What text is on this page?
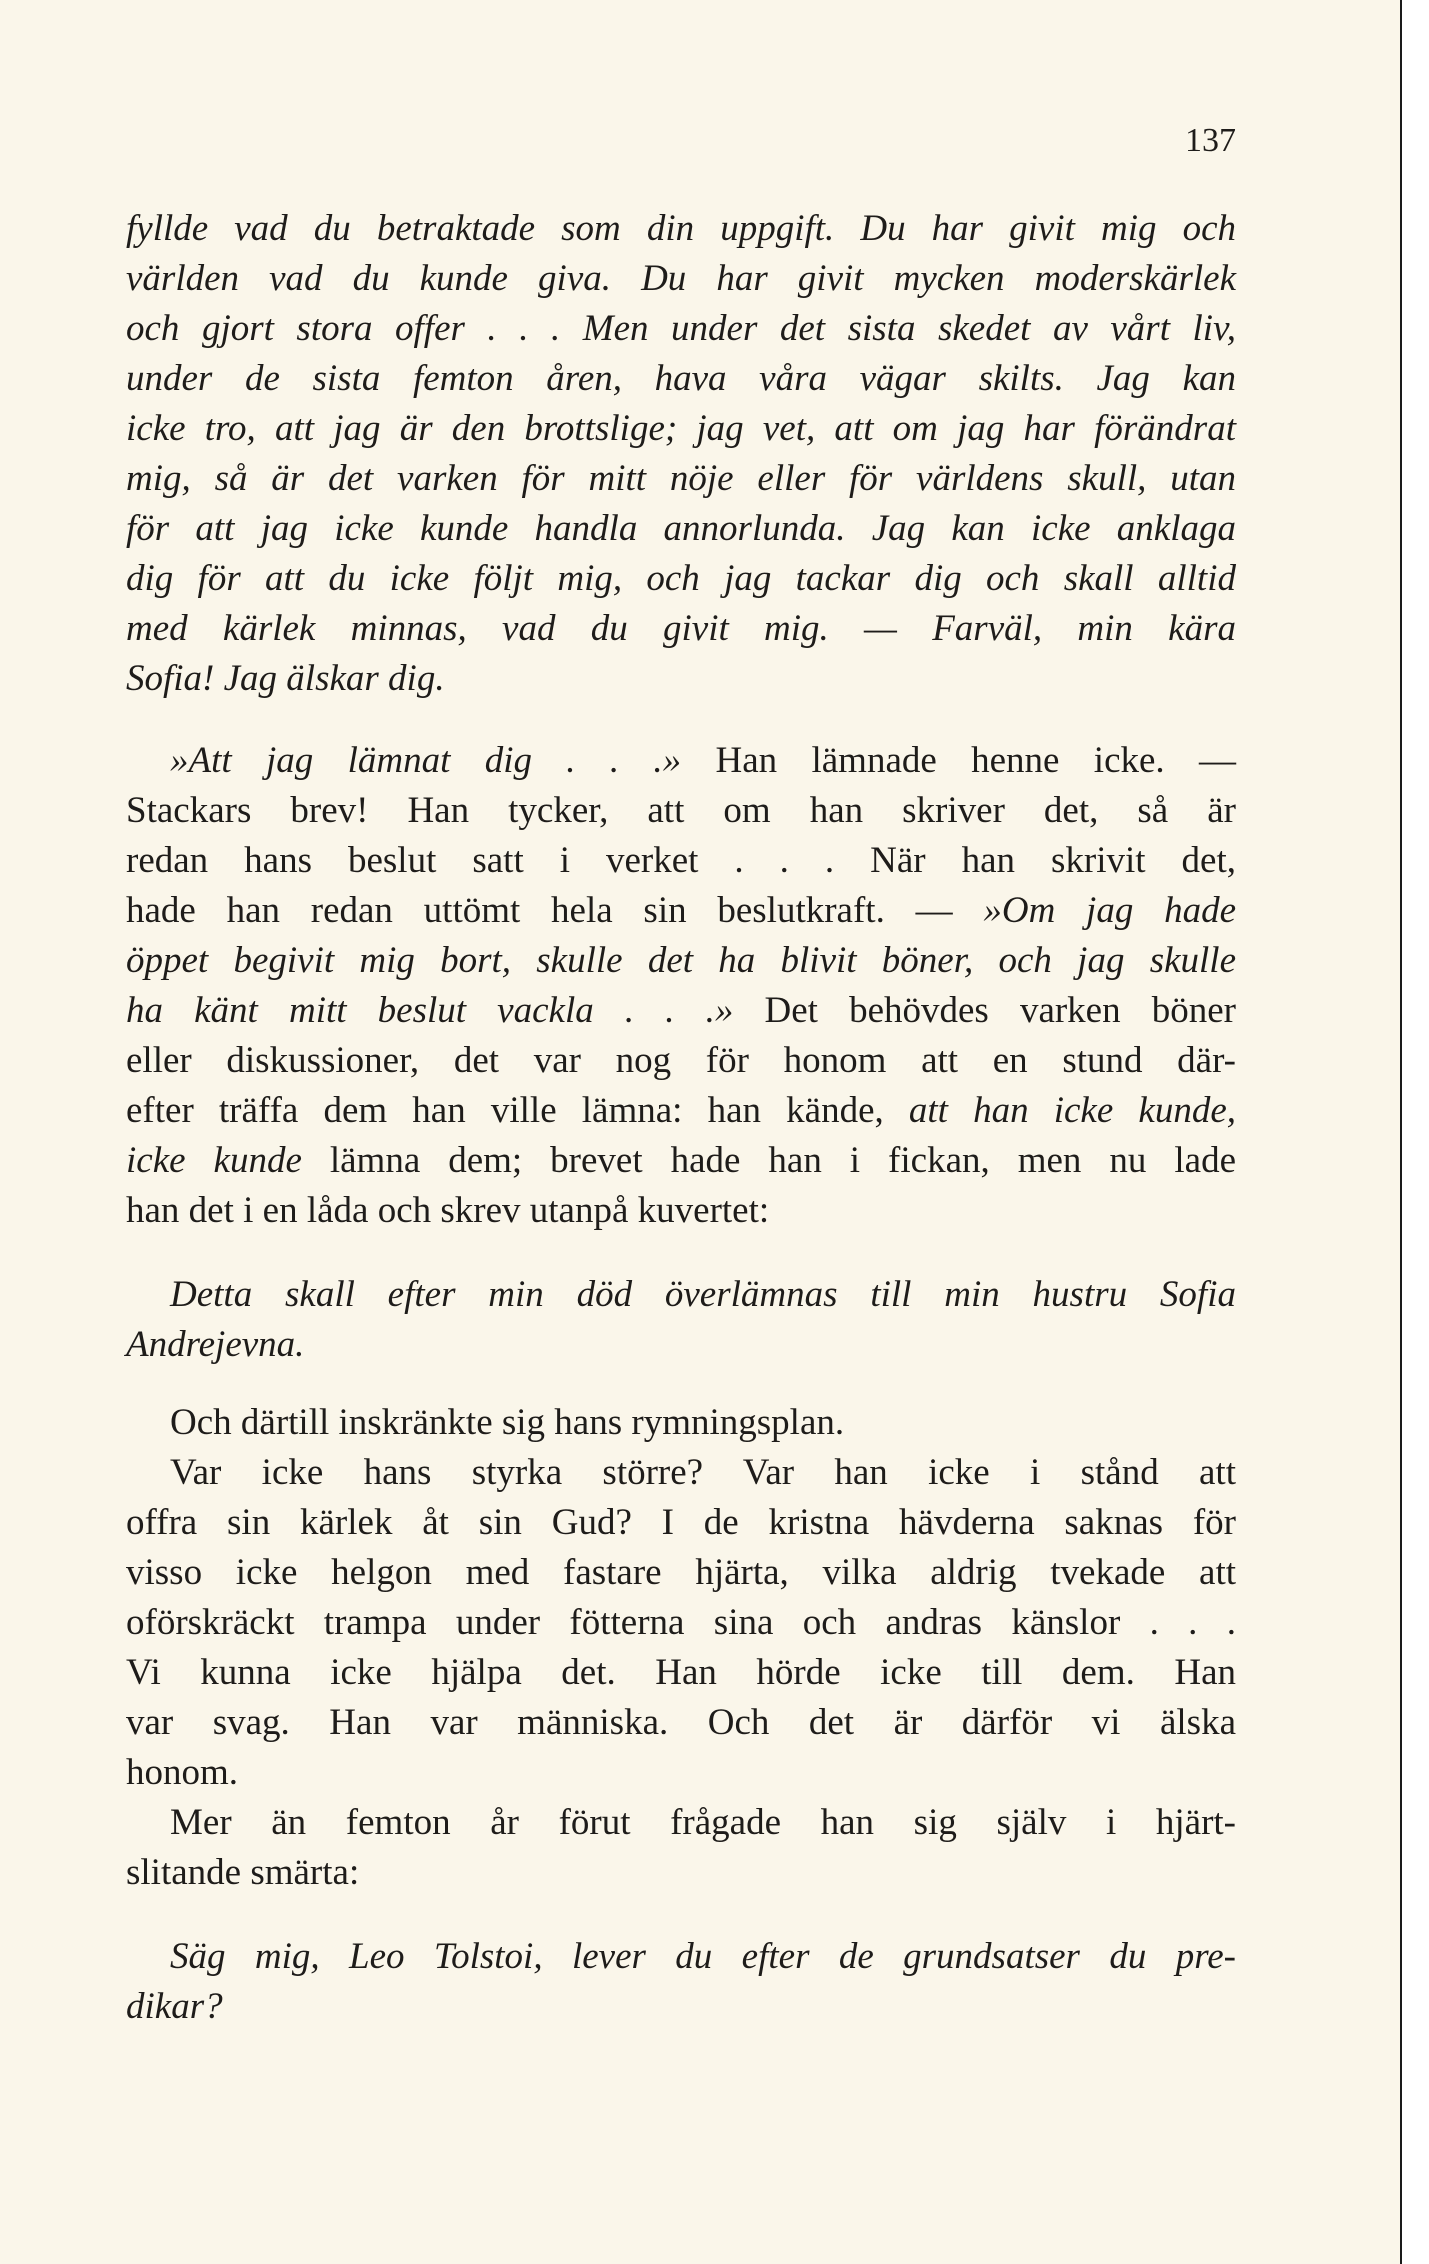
137
fyllde vad du betraktade som din uppgift. Du har givit mig och
världen vad du kunde giva. Du har givit mycken moderskärlek
och gjort stora offer . . . Men under det sista skedet av vårt liv,
under de sista femton åren, hava våra vägar skilts. Jag kan
icke tro, att jag är den brottslige; jag vet, att om jag har förändrat
mig, så är det varken för mitt nöje eller för världens skull, utan
för att jag icke kunde handla annorlunda. Jag kan icke anklaga
dig för att du icke följt mig, och jag tackar dig och skall alltid
med kärlek minnas, vad du givit mig. — Farväl, min kära
Sofia! Jag älskar dig.
»Att jag lämnat dig . . .» Han lämnade henne icke. —
Stackars brev! Han tycker, att om han skriver det, så är
redan hans beslut satt i verket . . . När han skrivit det,
hade han redan uttömt hela sin beslutkraft. — »Om jag hade
öppet begivit mig bort, skulle det ha blivit böner, och jag skulle
ha känt mitt beslut vackla . . .» Det behövdes varken böner
eller diskussioner, det var nog för honom att en stund där-
efter träffa dem han ville lämna: han kände, att han icke kunde,
icke kunde lämna dem; brevet hade han i fickan, men nu lade
han det i en låda och skrev utanpå kuvertet:
Detta skall efter min död överlämnas till min hustru Sofia
Andrejevna.
Och därtill inskränkte sig hans rymningsplan.
Var icke hans styrka större? Var han icke i stånd att
offra sin kärlek åt sin Gud? I de kristna hävderna saknas för
visso icke helgon med fastare hjärta, vilka aldrig tvekade att
oförskräckt trampa under fötterna sina och andras känslor . . .
Vi kunna icke hjälpa det. Han hörde icke till dem. Han
var svag. Han var människa. Och det är därför vi älska
honom.
Mer än femton år förut frågade han sig själv i hjärt-
slitande smärta:
Säg mig, Leo Tolstoi, lever du efter de grundsatser du pre-
dikar?
